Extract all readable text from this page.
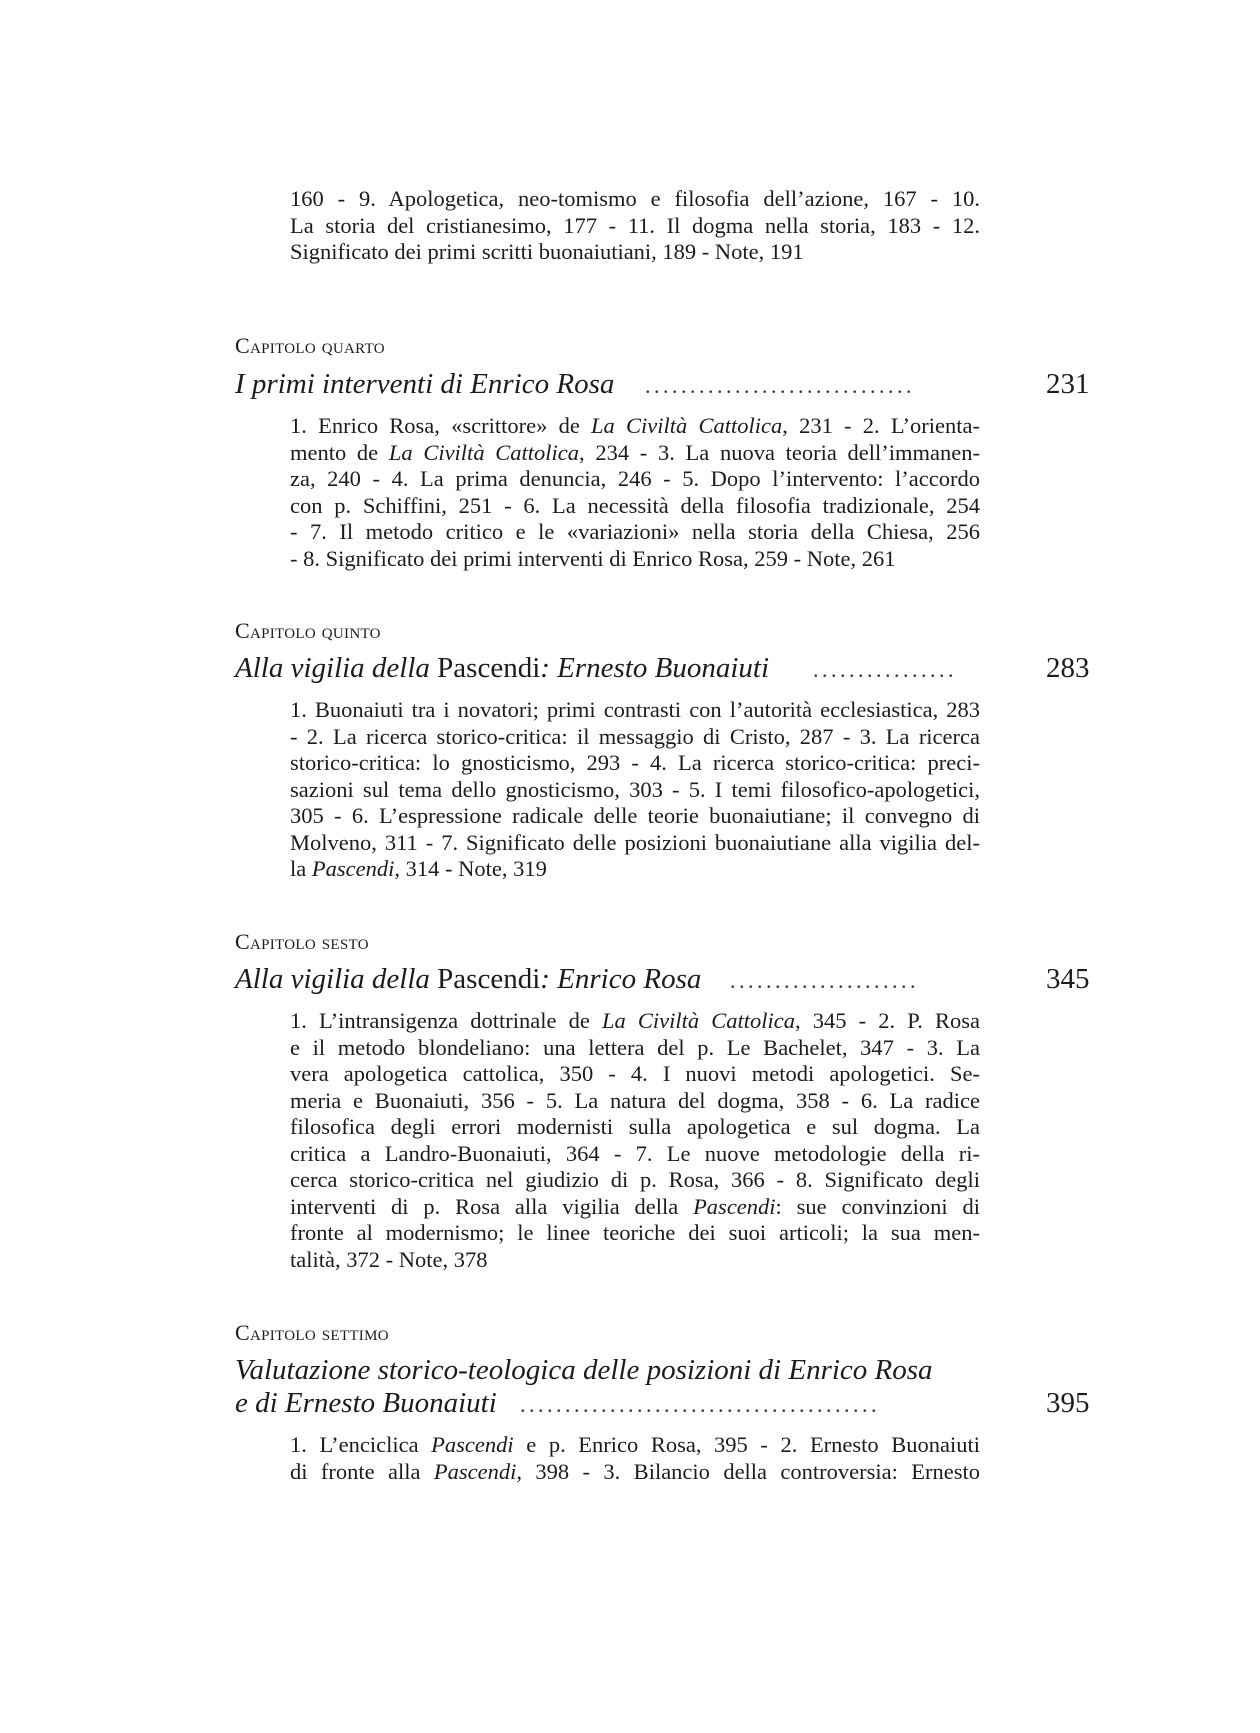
160 - 9. Apologetica, neo-tomismo e filosofia dell’azione, 167 - 10.
La storia del cristianesimo, 177 - 11. Il dogma nella storia, 183 - 12.
Significato dei primi scritti buonaiutiani, 189 - Note, 191
Capitolo quarto
I primi interventi di Enrico Rosa ..............................	231
1. Enrico Rosa, «scrittore» de La Civiltà Cattolica, 231 - 2. L’orienta-
mento de La Civiltà Cattolica, 234 - 3. La nuova teoria dell’immanen-
za, 240 - 4. La prima denuncia, 246 - 5. Dopo l’intervento: l’accordo
con p. Schiffini, 251 - 6. La necessità della filosofia tradizionale, 254
- 7. Il metodo critico e le «variazioni» nella storia della Chiesa, 256
- 8. Significato dei primi interventi di Enrico Rosa, 259 - Note, 261
Capitolo quinto
Alla vigilia della Pascendi: Ernesto Buonaiuti ................	283
1. Buonaiuti tra i novatori; primi contrasti con l’autorità ecclesiastica, 283
- 2. La ricerca storico-critica: il messaggio di Cristo, 287 - 3. La ricerca
storico-critica: lo gnosticismo, 293 - 4. La ricerca storico-critica: preci-
sazioni sul tema dello gnosticismo, 303 - 5. I temi filosofico-apologetici,
305 - 6. L’espressione radicale delle teorie buonaiutiane; il convegno di
Molveno, 311 - 7. Significato delle posizioni buonaiutiane alla vigilia del-
la Pascendi, 314 - Note, 319
Capitolo sesto
Alla vigilia della Pascendi: Enrico Rosa .....................	345
1. L’intransigenza dottrinale de La Civiltà Cattolica, 345 - 2. P. Rosa
e il metodo blondeliano: una lettera del p. Le Bachelet, 347 - 3. La
vera apologetica cattolica, 350 - 4. I nuovi metodi apologetici. Se-
meria e Buonaiuti, 356 - 5. La natura del dogma, 358 - 6. La radice
filosofica degli errori modernisti sulla apologetica e sul dogma. La
critica a Landro-Buonaiuti, 364 - 7. Le nuove metodologie della ri-
cerca storico-critica nel giudizio di p. Rosa, 366 - 8. Significato degli
interventi di p. Rosa alla vigilia della Pascendi: sue convinzioni di
fronte al modernismo; le linee teoriche dei suoi articoli; la sua men-
talità, 372 - Note, 378
Capitolo settimo
Valutazione storico-teologica delle posizioni di Enrico Rosa
e di Ernesto Buonaiuti ........................................	395
1. L’enciclica Pascendi e p. Enrico Rosa, 395 - 2. Ernesto Buonaiuti
di fronte alla Pascendi, 398 - 3. Bilancio della controversia: Ernesto
